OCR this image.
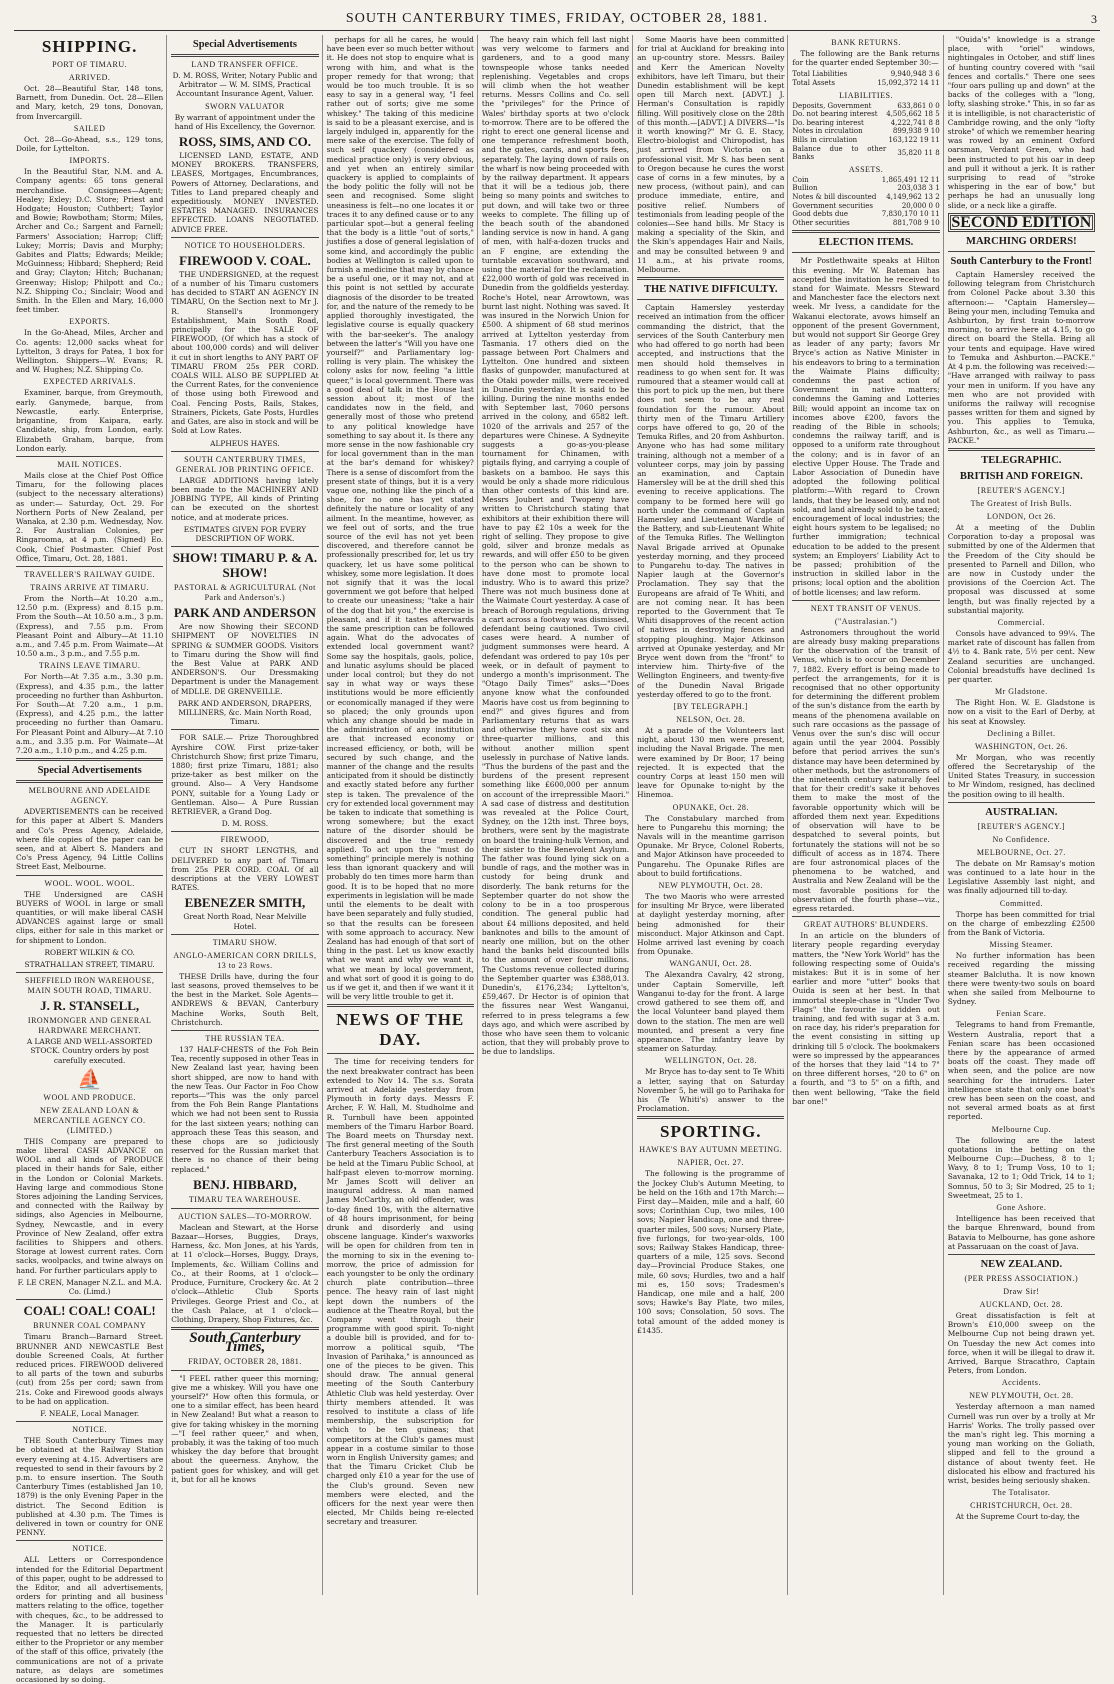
SOUTH CANTERBURY TIMES, FRIDAY, OCTOBER 28, 1881.	3
SHIPPING.
PORT OF TIMARU.
ARRIVED.

Oct. 28—Beautiful Star, 148 tons, Barnett, from Dunedin. Oct. 28—Ellen and Mary, ketch, 29 tons, Donovan, from Invercargill.

SAILED

Oct. 28—Go-Ahead, s.s., 129 tons, Doile, for Lyttelton.

IMPORTS.

In the Beautiful Star, N.M. and A. Company agents: 65 tons general merchandise. Consignees—Agent; Healey; Exley; D.C. Store; Priest and Hodgate; Houston; Cuthbert; Taylor and Bowie; Rowbotham; Storm; Miles, Archer and Co.; Sargent and Farnell; Farmers' Association; Harrop; Cliff; Lukey; Morris; Davis and Murphy; Gabites and Platts; Edwards; Meikle; McGuinness; Hibbard; Shepherd; Reid and Gray; Clayton; Hitch; Buchanan; Greenway; Hislop; Philpott and Co.; N.Z. Shipping Co.; Sinclair; Wood and Smith. In the Ellen and Mary, 16,000 feet timber.

EXPORTS.

In the Go-Ahead, Miles, Archer and Co. agents: 12,000 sacks wheat for Lyttelton, 3 drays for Patea, 1 box for Wellington. Shippers—W. Evans; R. and W. Hughes; N.Z. Shipping Co.

EXPECTED ARRIVALS.

Examiner, barque, from Greymouth, early. Ganymede, barque, from Newcastle, early. Enterprise, brigantine, from Kaipara, early. Candidate, ship, from London, early. Elizabeth Graham, barque, from London early.

MAIL NOTICES.

Mails close at the Chief Post Office Timaru, for the following places (subject to the necessary alterations) as under:— Saturday, Oct. 29. For Northern Ports of New Zealand, per Wanaka, at 2.30 p.m. Wednesday, Nov. 2. For Australian Colonies, per Ringarooma, at 4 p.m. (Signed) Eo. Cook, Chief Postmaster. Chief Post Office, Timaru, Oct. 28, 1881.

TRAVELLER'S RAILWAY GUIDE.
TRAINS ARRIVE AT TIMARU.

From the North—At 10.20 a.m., 12.50 p.m. (Express) and 8.15 p.m. From the South—At 10.50 a.m., 3 p.m. (Express), and 7.55 p.m. From Pleasant Point and Albury—At 11.10 a.m., and 7.45 p.m. From Waimate—At 10.50 a.m., 3 p.m., and 7.55 p.m.

TRAINS LEAVE TIMARU.

For North—At 7.35 a.m., 3.30 p.m. (Express), and 4.35 p.m., the latter proceeding no further than Ashburton. For South—At 7.20 a.m., 1 p.m. (Express), and 4.25 p.m., the latter proceeding no further than Oamaru. For Pleasant Point and Albury—At 7.10 a.m., and 3.35 p.m. For Waimate—At 7.20 a.m., 1.10 p.m., and 4.25 p.m.

Special Advertisements
MELBOURNE AND ADELAIDE AGENCY.

ADVERTISEMENTS can be received for this paper at Albert S. Manders and Co's Press Agency, Adelaide, where file copies of the paper can be seen, and at Albert S. Manders and Co's Press Agency, 94 Little Collins Street East, Melbourne.

WOOL. WOOL. WOOL.

THE Undersigned are CASH BUYERS of WOOL in large or small quantities, or will make liberal CASH ADVANCES against large or small clips, either for sale in this market or for shipment to London.

ROBERT WILKIN & CO.

STRATHALLAN STREET, TIMARU.

SHEFFIELD IRON WAREHOUSE, MAIN SOUTH ROAD, TIMARU.
J. R. STANSELL,
IRONMONGER AND GENERAL HARDWARE MERCHANT.

A LARGE AND WELL-ASSORTED STOCK. Country orders by post carefully executed.

⛵
WOOL AND PRODUCE.
NEW ZEALAND LOAN & MERCANTILE AGENCY CO. (LIMITED.)

THIS Company are prepared to make liberal CASH ADVANCE on WOOL and all kinds of PRODUCE placed in their hands for Sale, either in the London or Colonial Markets. Having large and commodious Stone Stores adjoining the Landing Services, and connected with the Railway by sidings, also Agencies in Melbourne, Sydney, Newcastle, and in every Province of New Zealand, offer extra facilities to Shippers and others. Storage at lowest current rates. Corn sacks, woolpacks, and twine always on hand. For further particulars apply to

F. LE CREN, Manager N.Z.L. and M.A. Co. (Limd.)

COAL! COAL! COAL!
BRUNNER COAL COMPANY

Timaru Branch—Barnard Street. BRUNNER AND NEWCASTLE Best double Screened Coals, At further reduced prices. FIREWOOD delivered to all parts of the town and suburbs (cut) from 25s per cord; sawn from 21s. Coke and Firewood goods always to be had on application.

F. NEALE, Local Manager.

NOTICE.

THE South Canterbury Times may be obtained at the Railway Station every evening at 4.15. Advertisers are requested to send in their favours by 2 p.m. to ensure insertion. The South Canterbury Times (established Jan 10, 1879) is the only Evening Paper in the district. The Second Edition is published at 4.30 p.m. The Times is delivered in town or country for ONE PENNY.

NOTICE.

ALL Letters or Correspondence intended for the Editorial Department of this paper, ought to be addressed to the Editor, and all advertisements, orders for printing and all business matters relating to the office, together with cheques, &c., to be addressed to the Manager. It is particularly requested that no letters be directed either to the Proprietor or any member of the staff of this office, privately (the communications are not of a private nature, as delays are sometimes occasioned by so doing.

Special Advertisements
LAND TRANSFER OFFICE.

D. M. ROSS, Writer, Notary Public and Arbitrator — W. M. SIMS, Practical Accountant Insurance Agent, Valuer.

SWORN VALUATOR

By warrant of appointment under the hand of His Excellency, the Governor.

ROSS, SIMS, AND CO.

LICENSED LAND, ESTATE, AND MONEY BROKERS. TRANSFERS, LEASES, Mortgages, Encumbrances, Powers of Attorney, Declarations, and Titles to Land prepared cheaply and expeditiously. MONEY INVESTED. ESTATES MANAGED. INSURANCES EFFECTED. LOANS NEGOTIATED. ADVICE FREE.

NOTICE TO HOUSEHOLDERS.
FIREWOOD V. COAL.

THE UNDERSIGNED, at the request of a number of his Timaru customers has decided to START AN AGENCY IN TIMARU, On the Section next to Mr J. R. Stansell's Ironmongery Establishment, Main South Road, principally for the SALE OF FIREWOOD, (Of which has a stock of about 100,000 cords) and will deliver it cut in short lengths to ANY PART OF TIMARU FROM 25s PER CORD. COALS WILL ALSO BE SUPPLIED At the Current Rates, for the convenience of those using both Firewood and Coal. Fencing Posts, Rails, Stakes, Strainers, Pickets, Gate Posts, Hurdles and Gates, are also in stock and will be Sold at Low Rates.

ALPHEUS HAYES.

SOUTH CANTERBURY TIMES, GENERAL JOB PRINTING OFFICE.

LARGE ADDITIONS having lately been made to the MACHINERY AND JOBBING TYPE, All kinds of Printing can be executed on the shortest notice, and at moderate prices.

ESTIMATES GIVEN FOR EVERY DESCRIPTION OF WORK.

SHOW! TIMARU P. & A. SHOW!
PASTORAL & AGRICULTURAL (Not Park and Anderson's.)
PARK AND ANDERSON

Are now Showing their SECOND SHIPMENT OF NOVELTIES IN SPRING & SUMMER GOODS. Visitors to Timaru during the Show will find the Best Value at PARK AND ANDERSON'S. Our Dressmaking Department is under the Management of MDLLE. DE GRENVEILLE.

PARK AND ANDERSON, DRAPERS, MILLINERS, &c. Main North Road, Timaru.

FOR SALE.— Prize Thoroughbred Ayrshire COW. First prize-taker Christchurch Show; first prize Timaru, 1880; first prize Timaru, 1881; also prize-taker as best milker on the ground. Also— A Very Handsome PONY, suitable for a Young Lady or Gentleman. Also— A Pure Russian RETRIEVER, a Grand Dog.

D. M. ROSS.

FIREWOOD,

CUT IN SHORT LENGTHS, and DELIVERED to any part of Timaru from 25s PER CORD. COAL Of all descriptions at the VERY LOWEST RATES.

EBENEZER SMITH,

Great North Road, Near Melville Hotel.

TIMARU SHOW.
ANGLO-AMERICAN CORN DRILLS, 13 to 23 Rows.

THESE Drills have, during the four last seasons, proved themselves to be the best in the Market. Sole Agents— ANDREWS & BEVAN, Canterbury Machine Works, South Belt, Christchurch.

THE RUSSIAN TEA.

137 HALF-CHESTS of the Foh Bein Tea, recently supposed in other Teas in New Zealand last year, having been short shipped, are now to hand with the new Teas. Our Factor in Foo Chow reports—"This was the only parcel from the Foh Bein Range Plantations which we had not been sent to Russia for the last sixteen years; nothing can approach these Teas this season, and these chops are so judiciously reserved for the Russian market that there is no chance of their being replaced."

BENJ. HIBBARD,
TIMARU TEA WAREHOUSE.
AUCTION SALES—TO-MORROW.

Maclean and Stewart, at the Horse Bazaar—Horses, Buggies, Drays, Harness, &c. Mon Jones, at his Yards, at 11 o'clock—Horses, Buggy, Drays, Implements, &c. William Collins and Co., at their Rooms, at 1 o'clock—Produce, Furniture, Crockery &c. At 2 o'clock—Athletic Club Sports Privileges. George Priest and Co., at the Cash Palace, at 1 o'clock—Clothing, Drapery, Shop Fixtures, &c.

South Canterbury Times,
FRIDAY, OCTOBER 28, 1881.

"I FEEL rather queer this morning; give me a whiskey. Will you have one yourself?" How often this formula, or one to a similar effect, has been heard in New Zealand! But what a reason to give for taking whiskey in the morning—"I feel rather queer," and when, probably, it was the taking of too much whiskey the day before that brought about the queerness. Anyhow, the patient goes for whiskey, and will get it, but for all he knows

perhaps for all he cares, he would have been ever so much better without it. He does not stop to enquire what is wrong with him, and what is the proper remedy for that wrong; that would be too much trouble. It is so easy to say in a general way, "I feel rather out of sorts; give me some whiskey." The taking of this medicine is said to be a pleasant exercise, and is largely indulged in, apparently for the mere sake of the exercise. The folly of such self quackery (considered as medical practice only) is very obvious, and yet when an entirely similar quackery is applied to complaints of the body politic the folly will not be seen and recognised. Some slight uneasiness is felt—no one locates it or traces it to any defined cause or to any particular spot—but a general feeling that the body is a little "out of sorts," justifies a dose of general legislation of some kind, and accordingly the public bodies at Wellington is called upon to furnish a medicine that may by chance be a useful one, or it may not, and at this point is not settled by accurate diagnosis of the disorder to be treated for, and the nature of the remedy to be applied thoroughly investigated, the legislative course is equally quackery with the bar-seeker's. The analogy between the latter's "Will you have one yourself?" and Parliamentary log-rolling is very plain. The whiskey the colony asks for now, feeling "a little queer," is local government. There was a good deal of talk in the House last session about it; most of the candidates now in the field, and generally most of those who pretend to any political knowledge have something to say about it. Is there any more sense in the now fashionable cry for local government than in the man at the bar's demand for whiskey? There is a sense of discomfort from the present state of things, but it is a very vague one, nothing like the pinch of a shoe, for no one has yet stated definitely the nature or locality of any ailment. In the meantime, however, as we feel out of sorts, and the true source of the evil has not yet been discovered, and therefore cannot be professionally prescribed for, let us try quackery, let us have some political whiskey, some more legislation. It does not signify that it was the local government we got before that helped to create our uneasiness; "take a hair of the dog that bit you," the exercise is pleasant, and if it tastes afterwards the same prescription can be followed again. What do the advocates of extended local government want? Some say the hospitals, gaols, police, and lunatic asylums should be placed under local control; but they do not say in what way or ways these institutions would be more efficiently or economically managed if they were so placed; the only grounds upon which any change should be made in the administration of any institution are that increased economy or increased efficiency, or both, will be secured by such change, and the manner of the change and the results anticipated from it should be distinctly and exactly stated before any further step is taken. The prevalence of the cry for extended local government may be taken to indicate that something is wrong somewhere; but the exact nature of the disorder should be discovered and the true remedy applied. To act upon the "must do something" principle merely is nothing less than ignorant quackery and will probably do ten times more harm than good. It is to be hoped that no more experiments in legislation will be made until the elements to be dealt with have been separately and fully studied, so that the results can be foreseen with some approach to accuracy. New Zealand has had enough of that sort of thing in the past. Let us know exactly what we want and why we want it, what we mean by local government, and what sort of good it is going to do us if we get it, and then if we want it it will be very little trouble to get it.

NEWS OF THE DAY.

The time for receiving tenders for the next breakwater contract has been extended to Nov 14. The s.s. Sorata arrived at Adelaide yesterday from Plymouth in forty days. Messrs F. Archer, F. W. Hall, M. Studholme and R. Turnbull have been appointed members of the Timaru Harbor Board. The Board meets on Thursday next. The first general meeting of the South Canterbury Teachers Association is to be held at the Timaru Public School, at half-past eleven to-morrow morning. Mr James Scott will deliver an inaugural address. A man named James McCarthy, an old offender, was to-day fined 10s, with the alternative of 48 hours imprisonment, for being drunk and disorderly and using obscene language. Kinder's waxworks will be open for children from ten in the morning to six in the evening to-morrow, the price of admission for each youngster to be only the ordinary church plate contribution—three pence. The heavy rain of last night kept down the numbers of the audience at the Theatre Royal, but the Company went through their programme with good spirit. To-night a double bill is provided, and for to-morrow a political squib, "The Invasion of Parihaka," is announced as one of the pieces to be given. This should draw. The annual general meeting of the South Canterbury Athletic Club was held yesterday. Over thirty members attended. It was resolved to institute a class of life membership, the subscription for which to be ten guineas; that competitors at the Club's games must appear in a costume similar to those worn in English University games; and that the Timaru Cricket Club be charged only £10 a year for the use of the Club's ground. Seven new members were elected, and the officers for the next year were then elected, Mr Childs being re-elected secretary and treasurer.

The heavy rain which fell last night was very welcome to farmers and gardeners, and to a good many townspeople whose tanks needed replenishing. Vegetables and crops will climb when the hot weather returns. Messrs Collins and Co. sell the "privileges" for the Prince of Wales' birthday sports at two o'clock to-morrow. There are to be offered the right to erect one general license and one temperance refreshment booth, and the gates, cards, and sports fees, separately. The laying down of rails on the wharf is now being proceeded with by the railway department. It appears that it will be a tedious job, there being so many points and switches to put down, and will take two or three weeks to complete. The filling up of the beach south of the abandoned landing service is now in hand. A gang of men, with half-a-dozen trucks and an F engine, are extending the turntable excavation southward, and using the material for the reclamation. £22,000 worth of gold was received in Dunedin from the goldfields yesterday. Roche's Hotel, near Arrowtown, was burnt last night. Nothing was saved. It was insured in the Norwich Union for £500. A shipment of 68 stud merinos arrived at Lyttelton yesterday from Tasmania. 17 others died on the passage between Port Chalmers and Lyttelton. One hundred and sixteen flasks of gunpowder, manufactured at the Otaki powder mills, were received in Dunedin yesterday. It is said to be killing. During the nine months ended with September last, 7060 persons arrived in the colony, and 6582 left. 1020 of the arrivals and 257 of the departures were Chinese. A Sydneyite suggests a go-as-you-please tournament for Chinamen, with pigtails flying, and carrying a couple of baskets on a bamboo. He says this would be only a shade more ridiculous than other contests of this kind are. Messrs Joubert and Twopeny have written to Christchurch stating that exhibitors at their exhibition there will have to pay £2 10s a week for the right of selling. They propose to give gold, silver and bronze medals as rewards, and will offer £50 to be given to the person who can be shown to have done most to promote local industry. Who is to award this prize? There was not much business done at the Waimate Court yesterday. A case of breach of Borough regulations, driving a cart across a footway was dismissed, defendant being cautioned. Two civil cases were heard. A number of judgment summonses were heard. A defendant was ordered to pay 10s per week, or in default of payment to undergo a month's imprisonment. The "Otago Daily Times" asks—"Does anyone know what the confounded Maoris have cost us from beginning to end?" and gives figures and from Parliamentary returns that as wars and otherwise they have cost six and three-quarter millions, and this without another million spent uselessly in purchase of Native lands. "Thus the burdens of the past and the burdens of the present represent something like £600,000 per annum on account of the irrepressible Maori." A sad case of distress and destitution was revealed at the Police Court, Sydney, on the 12th inst. Three boys, brothers, were sent by the magistrate on board the training-hulk Vernon, and their sister to the Benevolent Asylum. The father was found lying sick on a bundle of rags, and the mother was in custody for being drunk and disorderly. The bank returns for the September quarter do not show the colony to be in a too prosperous condition. The general public had about £4 millions deposited, and held banknotes and bills to the amount of nearly one million, but on the other hand the banks held discounted bills to the amount of over four millions. The Customs revenue collected during the September quarter was £388,013. Dunedin's, £176,234; Lyttelton's, £59,467. Dr Hector is of opinion that the fissures near West Wanganui, referred to in press telegrams a few days ago, and which were ascribed by those who have seen them to volcanic action, that they will probably prove to be due to landslips.

Some Maoris have been committed for trial at Auckland for breaking into an up-country store. Messrs. Bailey and Kerr the American Novelty exhibitors, have left Timaru, but their Dunedin establishment will be kept open till March next. [ADVT.] J. Herman's Consultation is rapidly filling. Will positively close on the 28th of this month.—[ADVT.] A DIVERS—"Is it worth knowing?" Mr G. E. Stacy, Electro-biologist and Chiropodist, has just arrived from Victoria on a professional visit. Mr S. has been sent to Oregon because he cures the worst case of corns in a few minutes, by a new process, (without pain), and can produce immediate, entire, and positive relief. Numbers of testimonials from leading people of the colonies—See hand bills. Mr Stacy is making a speciality of the Skin, and the Skin's appendages Hair and Nails, and may be consulted between 9 and 11 a.m., at his private rooms, Melbourne.

THE NATIVE DIFFICULTY.

Captain Hamersley yesterday received an intimation from the officer commanding the district, that the services of the South Canterbury men who had offered to go north had been accepted, and instructions that the men should hold themselves in readiness to go when sent for. It was rumoured that a steamer would call at this port to pick up the men, but there does not seem to be any real foundation for the rumour. About thirty men of the Timaru Artillery corps have offered to go, 20 of the Temuka Rifles, and 20 from Ashburton. Anyone who has had some military training, although not a member of a volunteer corps, may join by passing an examination, and Captain Hamersley will be at the drill shed this evening to receive applications. The company to be formed here will go north under the command of Captain Hamersley and Lieutenant Wardle of the Battery, and sub-Lieutenant White of the Temuka Rifles. The Wellington Naval Brigade arrived at Opunake yesterday morning, and they proceed to Pungarehu to-day. The natives in Napier laugh at the Governor's Proclamation. They say that the Europeans are afraid of Te Whiti, and are not coming near. It has been reported to the Government that Te Whiti disapproves of the recent action of natives in destroying fences and stopping ploughing. Major Atkinson arrived at Opunake yesterday, and Mr Bryce went down from the "front" to interview him. Thirty-five of the Wellington Engineers, and twenty-five of the Dunedin Naval Brigade yesterday offered to go to the front.

[BY TELEGRAPH.]
NELSON, Oct. 28.

At a parade of the Volunteers last night, about 130 men were present, including the Naval Brigade. The men were examined by Dr Boor, 17 being rejected. It is expected that the country Corps at least 150 men will leave for Opunake to-night by the Hinemoa.

OPUNAKE, Oct. 28.

The Constabulary marched from here to Pungarehu this morning; the Navals will in the meantime garrison Opunake. Mr Bryce, Colonel Roberts, and Major Atkinson have proceeded to Pungarehu. The Opunake Rifles are about to build fortifications.

NEW PLYMOUTH, Oct. 28.

The two Maoris who were arrested for insulting Mr Bryce, were liberated at daylight yesterday morning, after being admonished for their misconduct. Major Atkinson and Capt. Holme arrived last evening by coach from Opunake.

WANGANUI, Oct. 28.

The Alexandra Cavalry, 42 strong, under Captain Somerville, left Wanganui to-day for the front. A large crowd gathered to see them off, and the local Volunteer band played them down to the station. The men are well mounted, and present a very fine appearance. The infantry leave by steamer on Saturday.

WELLINGTON, Oct. 28.

Mr Bryce has to-day sent to Te Whiti a letter, saying that on Saturday November 5, he will go to Parihaka for his (Te Whiti's) answer to the Proclamation.

SPORTING.
HAWKE'S BAY AUTUMN MEETING.
NAPIER, Oct. 27.

The following is the programme of the Jockey Club's Autumn Meeting, to be held on the 16th and 17th March:— First day—Maiden, mile and a half, 60 sovs; Corinthian Cup, two miles, 100 sovs; Napier Handicap, one and three-quarter miles, 500 sovs; Nursery Plate, five furlongs, for two-year-olds, 100 sovs; Railway Stakes Handicap, three-quarters of a mile, 125 sovs. Second day—Provincial Produce Stakes, one mile, 60 sovs; Hurdles, two and a half mi es, 150 sovs; Tradesmen's Handicap, one mile and a half, 200 sovs; Hawke's Bay Plate, two miles, 100 sovs; Consolation, 50 sovs. The total amount of the added money is £1435.

BANK RETURNS.

The following are the Bank returns for the quarter ended September 30:—

Total Liabilities	9,940,948 3 6
Total Assets	15,092,372 14 11
LIABILITIES.
Deposits, Government	633,861 0 0
Do. not bearing interest	4,505,662 18 5
Do. bearing interest	4,222,741 8 8
Notes in circulation	899,938 9 10
Bills in circulation	163,122 19 11
Balance due to other Banks	35,820 11 8
ASSETS.
Coin	1,865,491 12 11
Bullion	203,038 3 1
Notes & bill discounted	4,149,962 13 2
Government securities	20,000 0 0
Good debts due	7,830,170 10 11
Other securities	881,708 9 10
ELECTION ITEMS.

Mr Postlethwaite speaks at Hilton this evening. Mr W. Bateman has accepted the invitation he received to stand for Waimate. Messrs Steward and Manchester face the electors next week. Mr Ivess, a candidate for the Wakanui electorate, avows himself an opponent of the present Government, but would not support Sir George Grey as leader of any party; favors Mr Bryce's action as Native Minister in his endeavors to bring to a termination the Waimate Plains difficulty; condemns the past action of Government in native matters; condemns the Gaming and Lotteries Bill; would appoint an income tax on incomes above £200, favors the reading of the Bible in schools; condemns the railway tariff, and is opposed to a uniform rate throughout the colony; and is in favor of an elective Upper House. The Trade and Labor Association of Dunedin have adopted the following political platform:—With regard to Crown lands, that they be leased only, and not sold, and land already sold to be taxed; encouragement of local industries; the eight hours system to be legalised; no further immigration; technical education to be added to the present system; an Employers' Liability Act to be passed; prohibition of the instruction in skilled labor in the prisons; local option and the abolition of bottle licenses; and law reform.

NEXT TRANSIT OF VENUS.
("Australasian.")

Astronomers throughout the world are already busy making preparations for the observation of the transit of Venus, which is to occur on December 7, 1882. Every effort is being made to perfect the arrangements, for it is recognised that no other opportunity for determining the different problem of the sun's distance from the earth by means of the phenomena available on such rare occasions as the passage of Venus over the sun's disc will occur again until the year 2004. Possibly before that period arrives the sun's distance may have been determined by other methods, but the astronomers of the nineteenth century naturally feel that for their credit's sake it behoves them to make the most of the favorable opportunity which will be afforded them next year. Expeditions of observation will have to be despatched to several points, but fortunately the stations will not be so difficult of access as in 1874. There are four astronomical places of the phenomena to be watched, and Australia and New Zealand will be the most favorable positions for the observation of the fourth phase—viz., egress retarded.

GREAT AUTHORS' BLUNDERS.

In an article on the blunders of literary people regarding everyday matters, the "New York World" has the following respecting some of Ouida's mistakes: But it is in some of her earlier and more "utter" books that Ouida is seen at her best. In that immortal steeple-chase in "Under Two Flags" the favourite is ridden out training, and fed with sugar at 3 a.m. on race day, his rider's preparation for the event consisting in sitting up drinking till 5 o'clock. The bookmakers were so impressed by the appearances of the horses that they laid "14 to 7" on three different horses, "20 to 6" on a fourth, and "3 to 5" on a fifth, and then went bellowing, "Take the field bar one!"

"Ouida's" knowledge is a strange place, with "oriel" windows, nightingales in October, and stiff lines of hunting country covered with "sail fences and cortalls." There one sees "four oars pulling up and down" at the backs of the colleges with a "long, lofty, slashing stroke." This, in so far as it is intelligible, is not characteristic of Cambridge rowing, and the only "lofty stroke" of which we remember hearing was rowed by an eminent Oxford oarsman, Verdant Green, who had been instructed to put his oar in deep and pull it without a jerk. It is rather surprising to read of "stroke whispering in the ear of bow," but perhaps he had an unusually long slide, or a neck like a giraffe.

SECOND EDITION
MARCHING ORDERS!
South Canterbury to the Front!

Captain Hamersley received the following telegram from Christchurch from Colonel Packe about 3.30 this afternoon:— "Captain Hamersley—Being your men, including Temuka and Ashburton, by first train to-morrow morning, to arrive here at 4.15, to go direct on board the Stella. Bring all your tents and equipage. Have wired to Temuka and Ashburton.—PACKE." At 4 p.m. the following was received:— "Have arranged with railway to pass your men in uniform. If you have any men who are not provided with uniforms the railway will recognise passes written for them and signed by you. This applies to Temuka, Ashburton, &c., as well as Timaru.—PACKE."

TELEGRAPHIC.
BRITISH AND FOREIGN.
[REUTER'S AGENCY.]
The Greatest of Irish Bulls.
LONDON, Oct 26.

At a meeting of the Dublin Corporation to-day a proposal was submitted by one of the Aldermen that the Freedom of the City should be presented to Parnell and Dillon, who are now in Custody under the provisions of the Coercion Act. The proposal was discussed at some length, but was finally rejected by a substantial majority.

Commercial.

Consols have advanced to 99¼. The market rate of discount has fallen from 4½ to 4. Bank rate, 5½ per cent. New Zealand securities are unchanged. Colonial breadstuffs have declined 1s per quarter.

Mr Gladstone.

The Right Hon. W. E. Gladstone is now on a visit to the Earl of Derby, at his seat at Knowsley.

Declining a Billet.
WASHINGTON, Oct. 26.

Mr Morgan, who was recently offered the Secretaryship of the United States Treasury, in succession to Mr Windom, resigned, has declined the position owing to ill health.

AUSTRALIAN.
[REUTER'S AGENCY.]
No Confidence.
MELBOURNE, Oct. 27.

The debate on Mr Ramsay's motion was continued to a late hour in the Legislative Assembly last night, and was finally adjourned till to-day.

Committed.

Thorpe has been committed for trial on the charge of embezzling £2500 from the Bank of Victoria.

Missing Steamer.

No further information has been received regarding the missing steamer Balclutha. It is now known there were twenty-two souls on board when she sailed from Melbourne to Sydney.

Fenian Scare.

Telegrams to hand from Fremantle, Western Australia, report that a Fenian scare has been occasioned there by the appearance of armed boats off the coast. They made off when seen, and the police are now searching for the intruders. Later intelligence state that only one boat's crew has been seen on the coast, and not several armed boats as at first reported.

Melbourne Cup.

The following are the latest quotations in the betting on the Melbourne Cup:—Duchess, 8 to 1; Wavy, 8 to 1; Trump Voss, 10 to 1; Savanaka, 12 to 1; Odd Trick, 14 to 1; Somnus, 50 to 3; Sir Modred, 25 to 1; Sweetmeat, 25 to 1.

Gone Ashore.

Intelligence has been received that the barque Ehrenward, bound from Batavia to Melbourne, has gone ashore at Passaruaan on the coast of Java.

NEW ZEALAND.
(PER PRESS ASSOCIATION.)
Draw Sir!
AUCKLAND, Oct. 28.

Great dissatisfaction is felt at Brown's £10,000 sweep on the Melbourne Cup not being drawn yet. On Tuesday the new Act comes into force, when it will be illegal to draw it. Arrived, Barque Stracathro, Captain Peters, from London.

Accidents.
NEW PLYMOUTH, Oct. 28.

Yesterday afternoon a man named Curnell was run over by a trolly at Mr Harris' Works. The trolly passed over the man's right leg. This morning a young man working on the Goliath, slipped and fell to the ground a distance of about twenty feet. He dislocated his elbow and fractured his wrist, besides being seriously shaken.

The Totalisator.
CHRISTCHURCH, Oct. 28.

At the Supreme Court to-day, the
